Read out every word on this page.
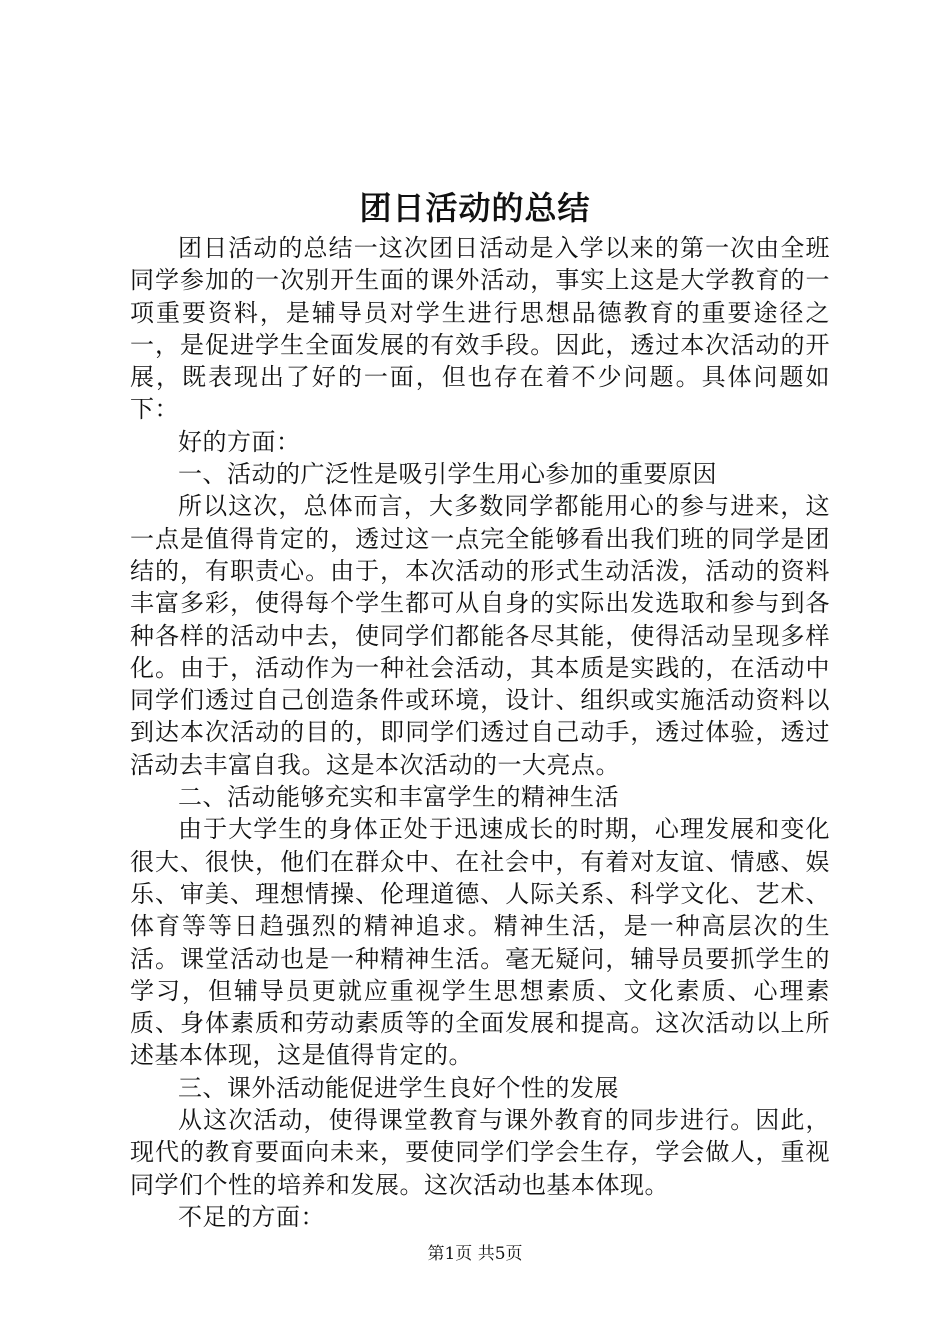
团日活动的总结

团日活动的总结一这次团日活动是入学以来的第一次由全班同学参加的一次别开生面的课外活动，事实上这是大学教育的一项重要资料，是辅导员对学生进行思想品德教育的重要途径之一，是促进学生全面发展的有效手段。因此，透过本次活动的开展，既表现出了好的一面，但也存在着不少问题。具体问题如下：

好的方面：

一、活动的广泛性是吸引学生用心参加的重要原因

所以这次，总体而言，大多数同学都能用心的参与进来，这一点是值得肯定的，透过这一点完全能够看出我们班的同学是团结的，有职责心。由于，本次活动的形式生动活泼，活动的资料丰富多彩，使得每个学生都可从自身的实际出发选取和参与到各种各样的活动中去，使同学们都能各尽其能，使得活动呈现多样化。由于，活动作为一种社会活动，其本质是实践的，在活动中同学们透过自己创造条件或环境，设计、组织或实施活动资料以到达本次活动的目的，即同学们透过自己动手，透过体验，透过活动去丰富自我。这是本次活动的一大亮点。

二、活动能够充实和丰富学生的精神生活

由于大学生的身体正处于迅速成长的时期，心理发展和变化很大、很快，他们在群众中、在社会中，有着对友谊、情感、娱乐、审美、理想情操、伦理道德、人际关系、科学文化、艺术、体育等等日趋强烈的精神追求。精神生活，是一种高层次的生活。课堂活动也是一种精神生活。毫无疑问，辅导员要抓学生的学习，但辅导员更就应重视学生思想素质、文化素质、心理素质、身体素质和劳动素质等的全面发展和提高。这次活动以上所述基本体现，这是值得肯定的。

三、课外活动能促进学生良好个性的发展

从这次活动，使得课堂教育与课外教育的同步进行。因此，现代的教育要面向未来，要使同学们学会生存，学会做人，重视同学们个性的培养和发展。这次活动也基本体现。

不足的方面：

第1页 共5页
